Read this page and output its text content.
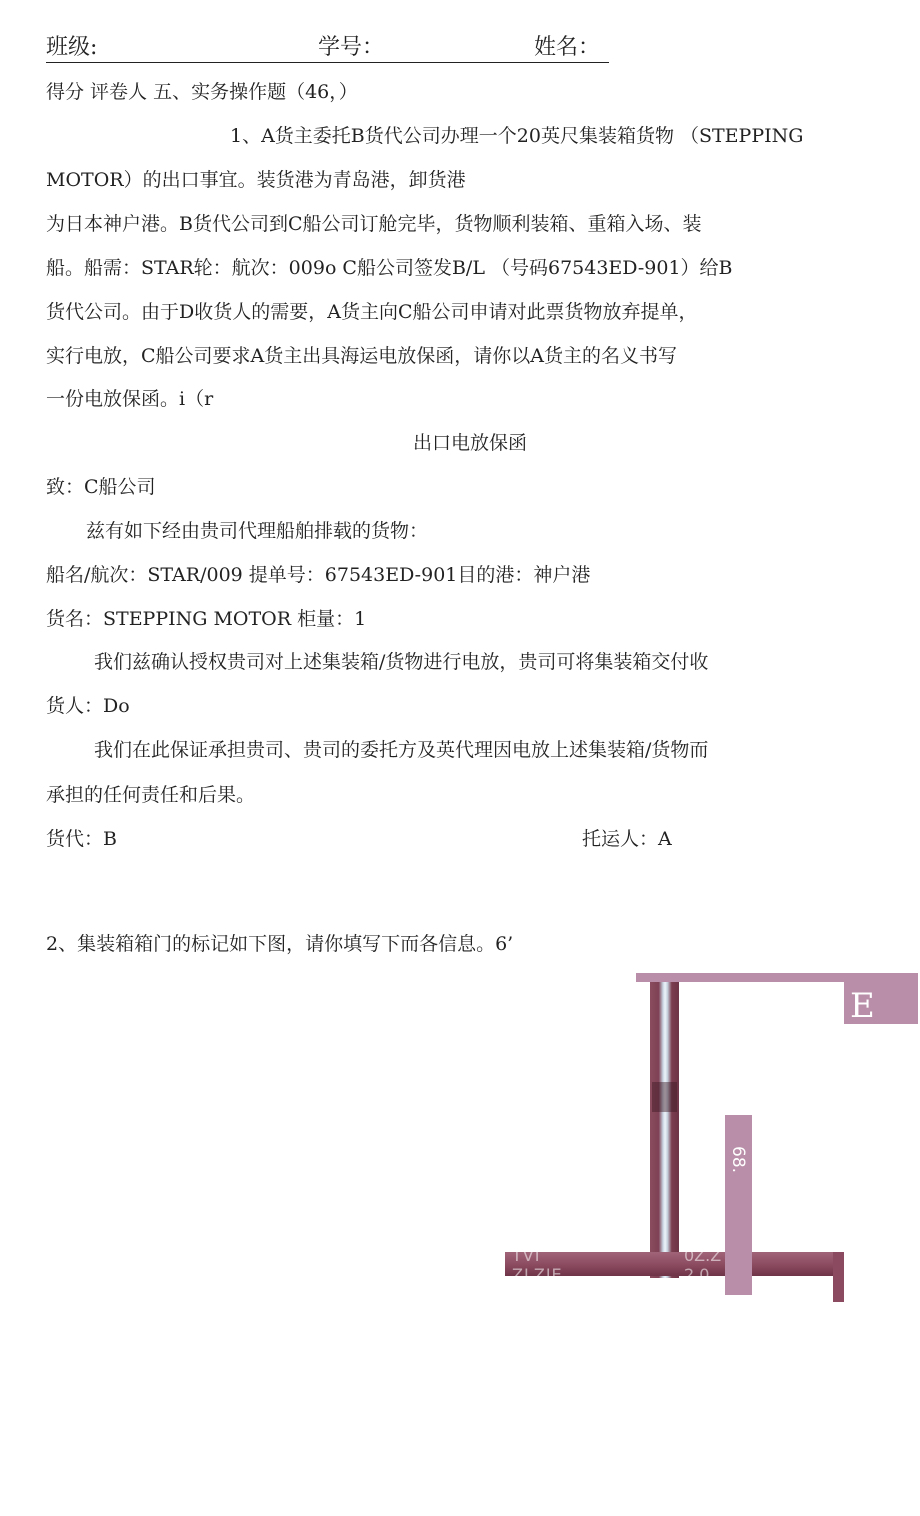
班级:	学号：	姓名：
得分 评卷人 五、实务操作题（46，）
1、A货主委托B货代公司办理一个20英尺集装箱货物 （STEPPING
MOTOR）的出口事宜。装货港为青岛港，卸货港
为日本神户港。B货代公司到C船公司订舱完毕，货物顺利装箱、重箱入场、装
船。船需：STAR轮：航次：009o C船公司签发B/L （号码67543ED-901）给B
货代公司。由于D收货人的需要，A货主向C船公司申请对此票货物放弃提单，
实行电放，C船公司要求A货主出具海运电放保函，请你以A货主的名义书写
一份电放保函。i（r
出口电放保函
致：C船公司
兹有如下经由贵司代理船舶排载的货物：
船名/航次：STAR/009 提单号：67543ED-901目的港：神户港
货名：STEPPING MOTOR 柜量：1
我们兹确认授权贵司对上述集装箱/货物进行电放，贵司可将集装箱交付收
货人：Do
我们在此保证承担贵司、贵司的委托方及英代理因电放上述集装箱/货物而
承担的任何责任和后果。
货代：B	托运人：A
2、集装箱箱门的标记如下图，请你填写下而各信息。6’
E
TVI ZLZIE
0Z.Z 2.0
68.
